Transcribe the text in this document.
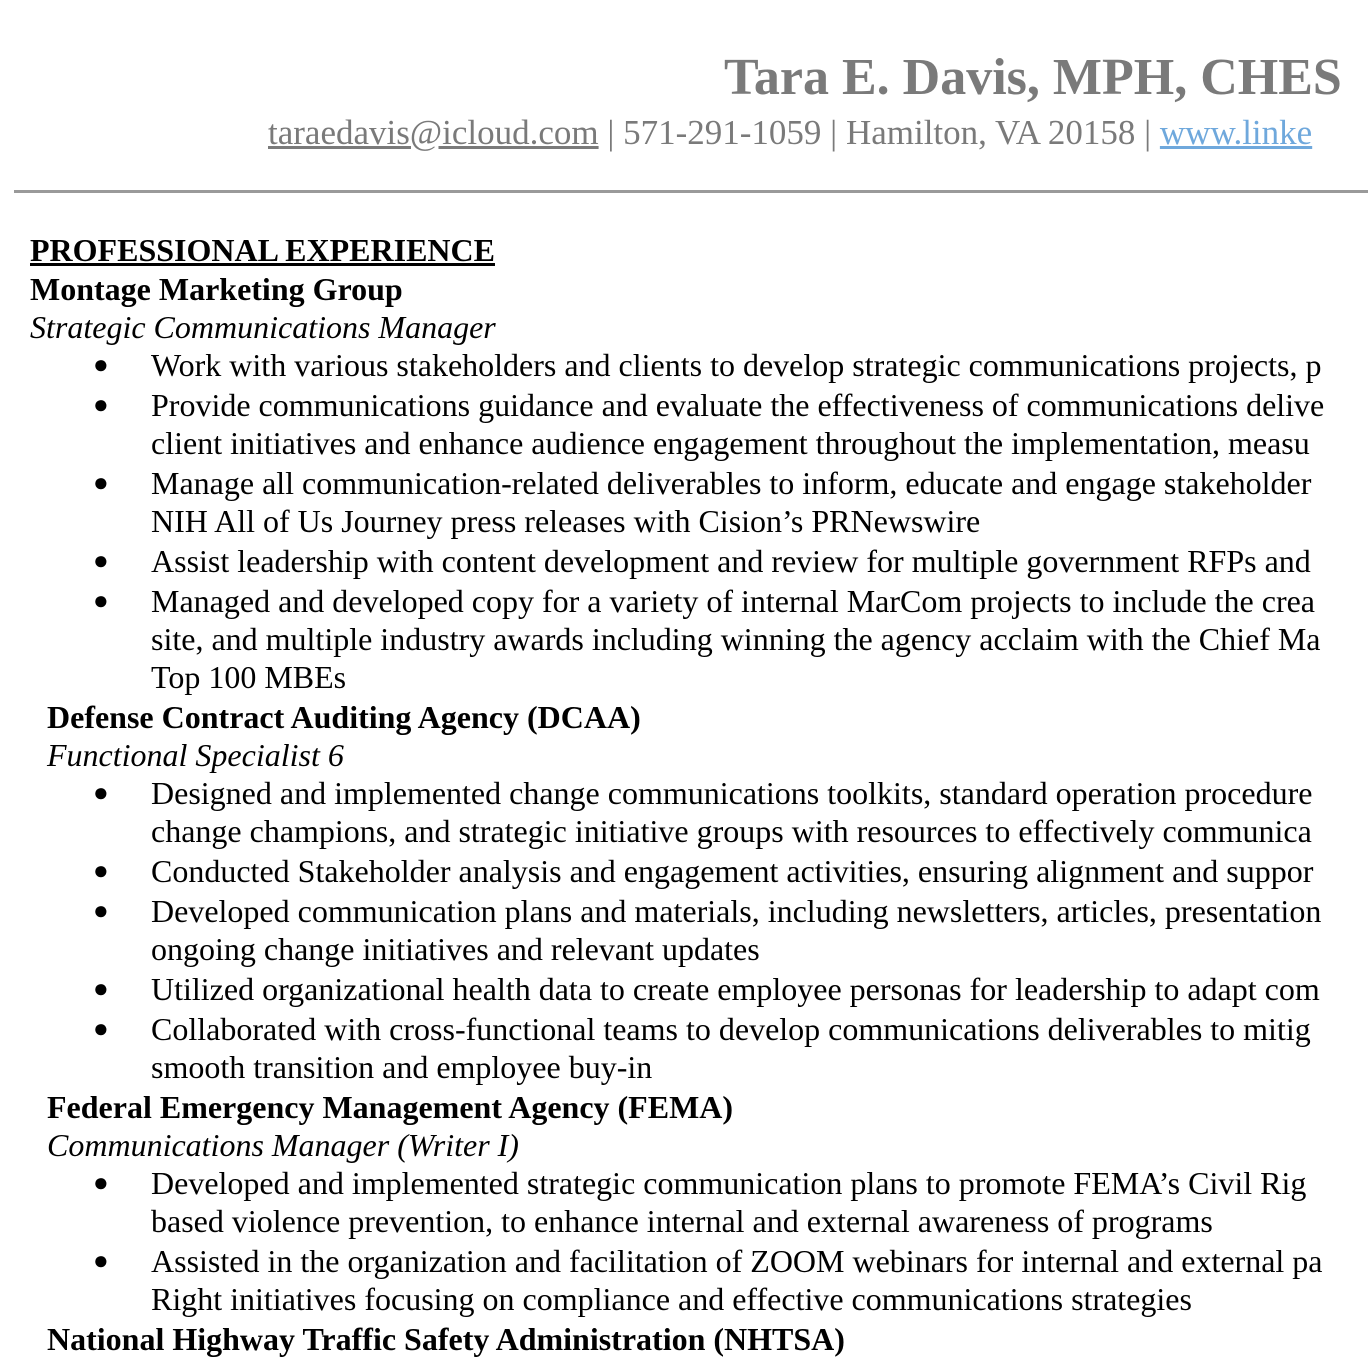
Tara E. Davis, MPH, CHES
taraedavis@icloud.com | 571-291-1059 | Hamilton, VA 20158 | www.linke
PROFESSIONAL EXPERIENCE
Montage Marketing Group
Strategic Communications Manager
● Work with various stakeholders and clients to develop strategic communications projects, p
● Provide communications guidance and evaluate the effectiveness of communications delive
client initiatives and enhance audience engagement throughout the implementation, measu
● Manage all communication-related deliverables to inform, educate and engage stakeholder
NIH All of Us Journey press releases with Cision’s PRNewswire
● Assist leadership with content development and review for multiple government RFPs and
● Managed and developed copy for a variety of internal MarCom projects to include the crea
site, and multiple industry awards including winning the agency acclaim with the Chief Ma
Top 100 MBEs
Defense Contract Auditing Agency (DCAA)
Functional Specialist 6
● Designed and implemented change communications toolkits, standard operation procedure
change champions, and strategic initiative groups with resources to effectively communica
● Conducted Stakeholder analysis and engagement activities, ensuring alignment and suppor
● Developed communication plans and materials, including newsletters, articles, presentation
ongoing change initiatives and relevant updates
● Utilized organizational health data to create employee personas for leadership to adapt com
● Collaborated with cross-functional teams to develop communications deliverables to mitig
smooth transition and employee buy-in
Federal Emergency Management Agency (FEMA)
Communications Manager (Writer I)
● Developed and implemented strategic communication plans to promote FEMA’s Civil Rig
based violence prevention, to enhance internal and external awareness of programs
● Assisted in the organization and facilitation of ZOOM webinars for internal and external pa
Right initiatives focusing on compliance and effective communications strategies
National Highway Traffic Safety Administration (NHTSA)
